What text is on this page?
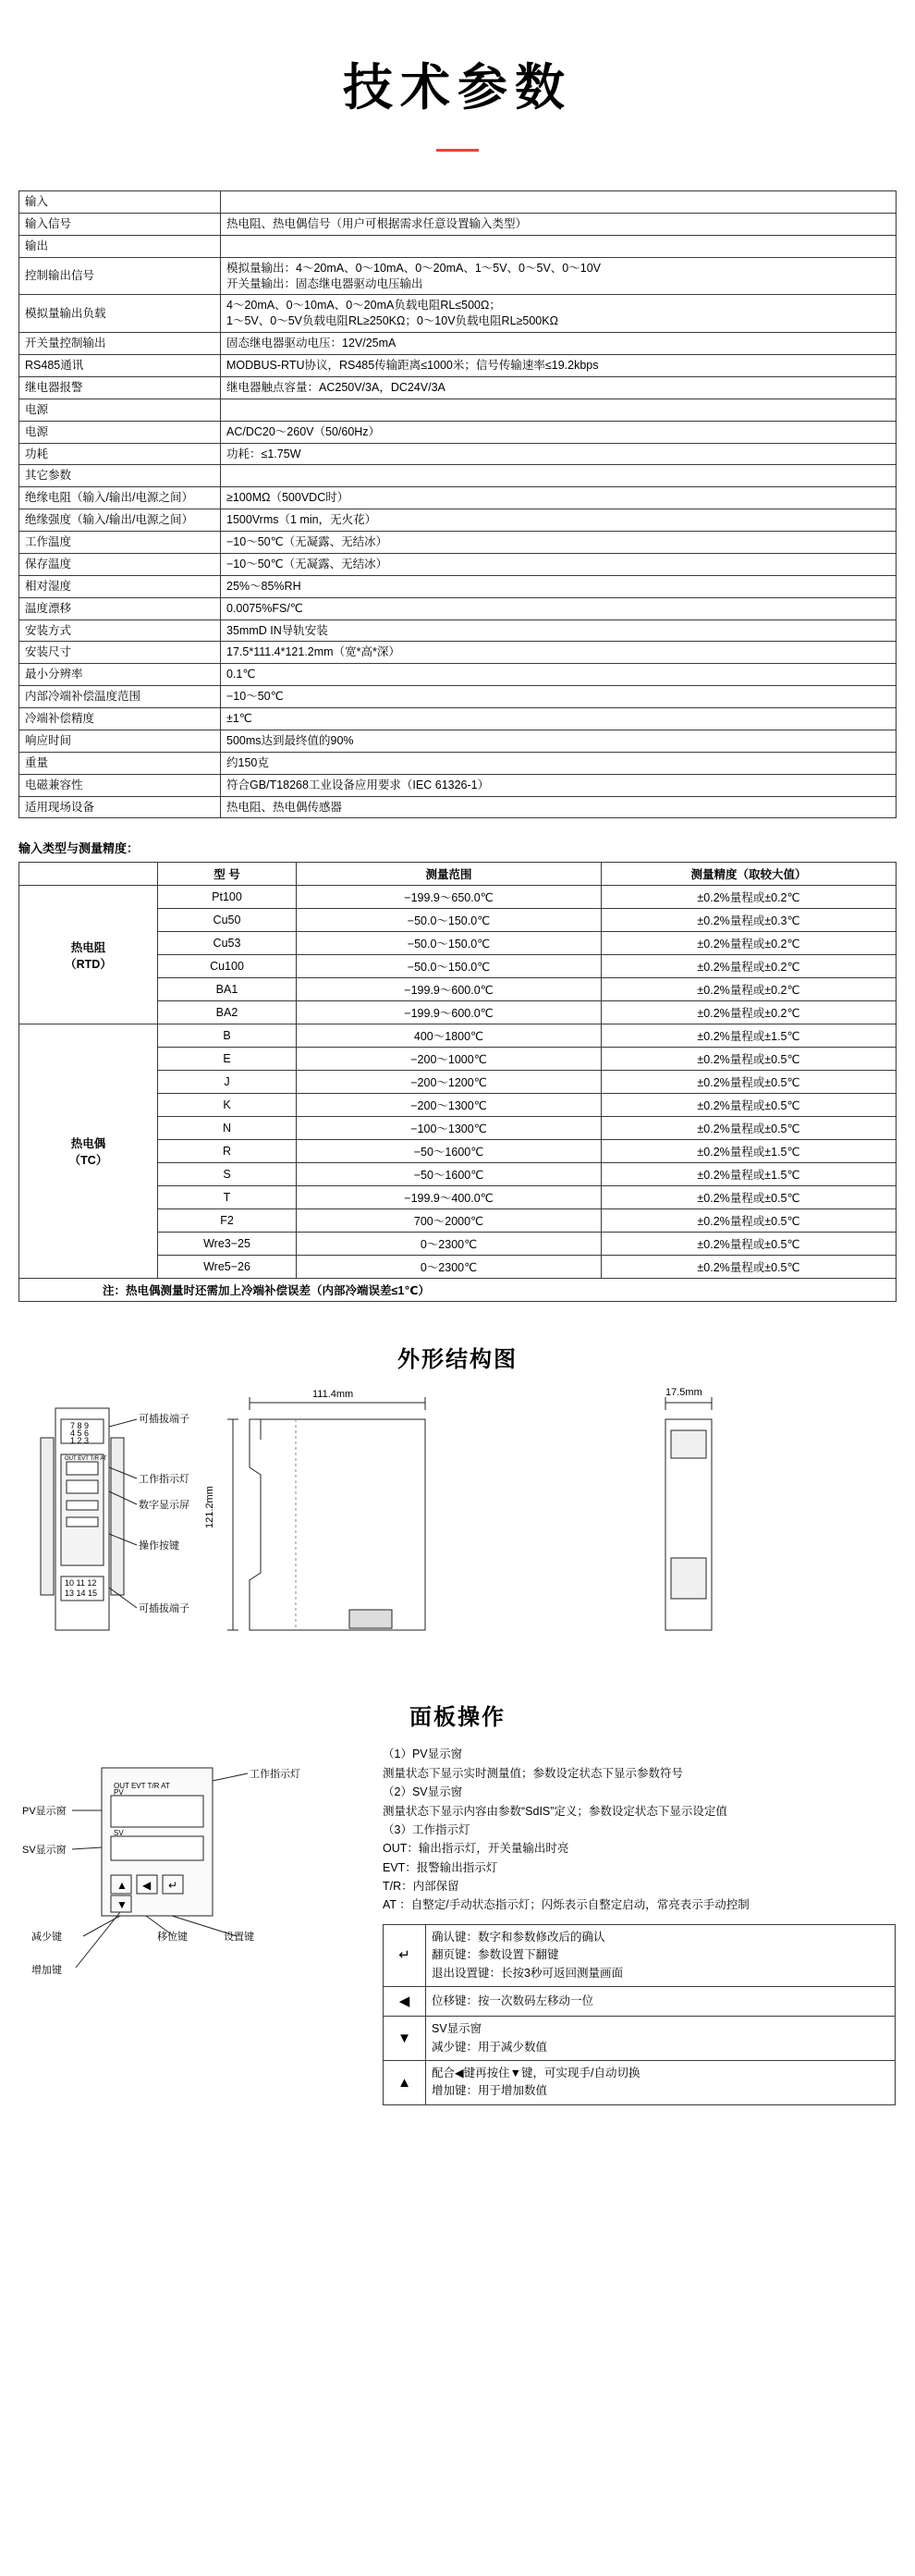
技术参数
输入	

输入信号	热电阻、热电偶信号（用户可根据需求任意设置输入类型）

输出	

控制输出信号	模拟量输出：4～20mA、0～10mA、0～20mA、1～5V、0～5V、0～10V
开关量输出：固态继电器驱动电压输出

模拟量输出负载	4～20mA、0～10mA、0～20mA负载电阻RL≤500Ω；
1～5V、0～5V负载电阻RL≥250KΩ；0～10V负载电阻RL≥500KΩ

开关量控制输出	固态继电器驱动电压：12V/25mA

RS485通讯	MODBUS-RTU协议，RS485传输距离≤1000米；信号传输速率≤19.2kbps

继电器报警	继电器触点容量：AC250V/3A，DC24V/3A

电源	

电源	AC/DC20～260V（50/60Hz）

功耗	功耗：≤1.75W

其它参数	

绝缘电阻（输入/输出/电源之间）	≥100MΩ（500VDC时）

绝缘强度（输入/输出/电源之间）	1500Vrms（1 min，无火花）

工作温度	−10～50℃（无凝露、无结冰）

保存温度	−10～50℃（无凝露、无结冰）

相对湿度	25%～85%RH

温度漂移	0.0075%FS/℃

安装方式	35mmD IN导轨安装

安装尺寸	17.5*111.4*121.2mm（宽*高*深）

最小分辨率	0.1℃

内部冷端补偿温度范围	−10～50℃

冷端补偿精度	±1℃

响应时间	500ms达到最终值的90%

重量	约150克

电磁兼容性	符合GB/T18268工业设备应用要求（IEC 61326-1）

适用现场设备	热电阻、热电偶传感器
输入类型与测量精度：
	型 号	测量范围	测量精度（取较大值）

热电阻
（RTD）	Pt100	−199.9～650.0℃	±0.2%量程或±0.2℃
	Cu50	−50.0～150.0℃	±0.2%量程或±0.3℃
	Cu53	−50.0～150.0℃	±0.2%量程或±0.2℃
	Cu100	−50.0～150.0℃	±0.2%量程或±0.2℃
	BA1	−199.9～600.0℃	±0.2%量程或±0.2℃
	BA2	−199.9～600.0℃	±0.2%量程或±0.2℃

热电偶
（TC）	B	400～1800℃	±0.2%量程或±1.5℃
	E	−200～1000℃	±0.2%量程或±0.5℃
	J	−200～1200℃	±0.2%量程或±0.5℃
	K	−200～1300℃	±0.2%量程或±0.5℃
	N	−100～1300℃	±0.2%量程或±0.5℃
	R	−50～1600℃	±0.2%量程或±1.5℃
	S	−50～1600℃	±0.2%量程或±1.5℃
	T	−199.9～400.0℃	±0.2%量程或±0.5℃
	F2	700～2000℃	±0.2%量程或±0.5℃
	Wre3−25	0～2300℃	±0.2%量程或±0.5℃
	Wre5−26	0～2300℃	±0.2%量程或±0.5℃
注：热电偶测量时还需加上冷端补偿误差（内部冷端误差≤1℃）			
外形结构图
7 8 9
4 5 6
1 2 3
OUT EVT T/R AT
10 11 12
13 14 15
可插拔端子
工作指示灯
数字显示屏
操作按键
可插拔端子
111.4mm
121.2mm
17.5mm
面板操作
OUT EVT T/R AT
PV
SV
工作指示灯
PV显示窗
SV显示窗
减少键	移位键	设置键
增加键
▲ ◀ ↵
▼

（1）PV显示窗

测量状态下显示实时测量值；参数设定状态下显示参数符号

（2）SV显示窗

测量状态下显示内容由参数“SdIS”定义；参数设定状态下显示设定值

（3）工作指示灯

OUT：输出指示灯，开关量输出时亮

EVT：报警输出指示灯

T/R：内部保留

AT ：自整定/手动状态指示灯；闪烁表示自整定启动，常亮表示手动控制

↵	确认键：数字和参数修改后的确认
翻页键：参数设置下翻键
退出设置键：长按3秒可返回测量画面

◀	位移键：按一次数码左移动一位

▼	SV显示窗
减少键：用于减少数值

▲	配合◀键再按住▼键，可实现手/自动切换
增加键：用于增加数值
